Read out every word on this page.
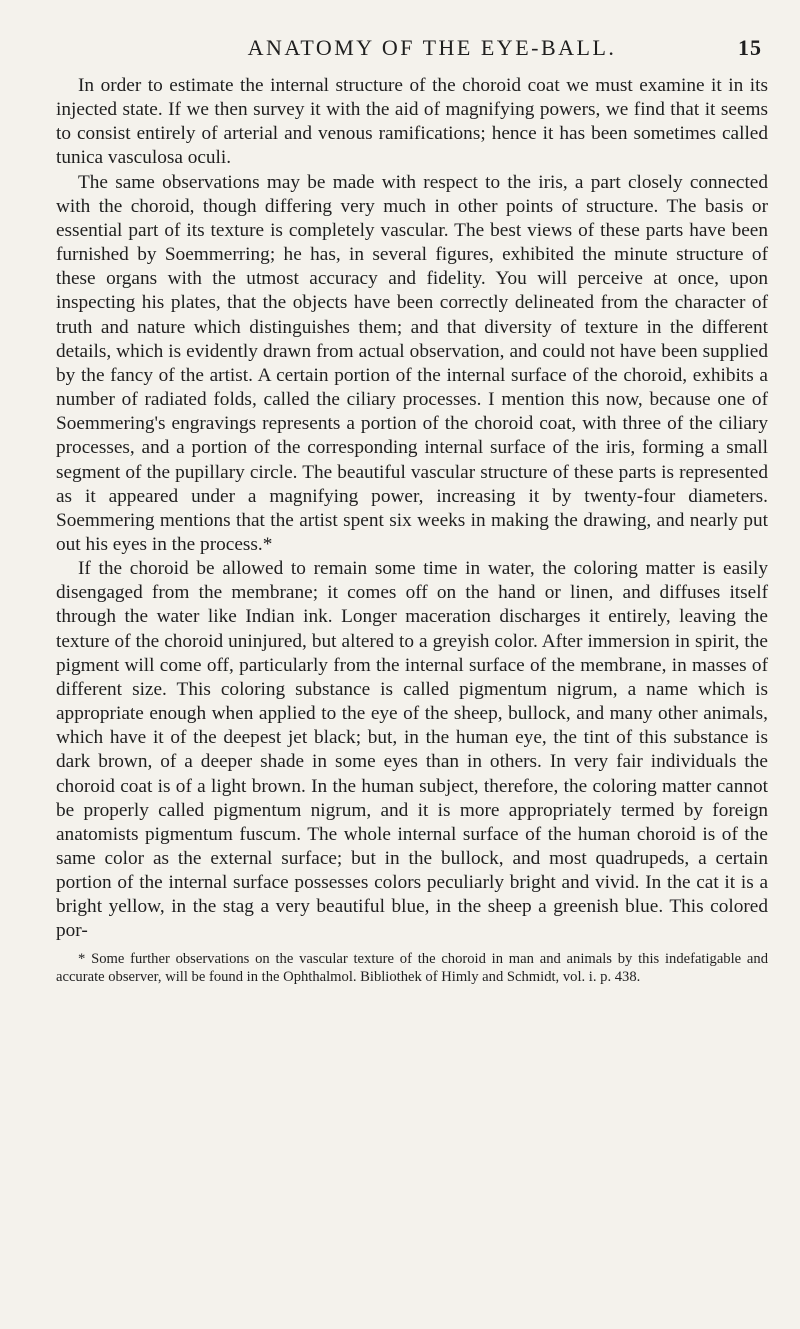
ANATOMY OF THE EYE-BALL.	15

In order to estimate the internal structure of the choroid coat we must examine it in its injected state. If we then survey it with the aid of magnifying powers, we find that it seems to consist entirely of arterial and venous ramifications; hence it has been sometimes called tunica vasculosa oculi.

The same observations may be made with respect to the iris, a part closely connected with the choroid, though differing very much in other points of structure. The basis or essential part of its texture is completely vascular. The best views of these parts have been furnished by Soemmerring; he has, in several figures, exhibited the minute structure of these organs with the utmost accuracy and fidelity. You will perceive at once, upon inspecting his plates, that the objects have been correctly delineated from the character of truth and nature which distinguishes them; and that diversity of texture in the different details, which is evidently drawn from actual observation, and could not have been supplied by the fancy of the artist. A certain portion of the internal surface of the choroid, exhibits a number of radiated folds, called the ciliary processes. I mention this now, because one of Soemmering's engravings represents a portion of the choroid coat, with three of the ciliary processes, and a portion of the corresponding internal surface of the iris, forming a small segment of the pupillary circle. The beautiful vascular structure of these parts is represented as it appeared under a magnifying power, increasing it by twenty-four diameters. Soemmering mentions that the artist spent six weeks in making the drawing, and nearly put out his eyes in the process.*

If the choroid be allowed to remain some time in water, the coloring matter is easily disengaged from the membrane; it comes off on the hand or linen, and diffuses itself through the water like Indian ink. Longer maceration discharges it entirely, leaving the texture of the choroid uninjured, but altered to a greyish color. After immersion in spirit, the pigment will come off, particularly from the internal surface of the membrane, in masses of different size. This coloring substance is called pigmentum nigrum, a name which is appropriate enough when applied to the eye of the sheep, bullock, and many other animals, which have it of the deepest jet black; but, in the human eye, the tint of this substance is dark brown, of a deeper shade in some eyes than in others. In very fair individuals the choroid coat is of a light brown. In the human subject, therefore, the coloring matter cannot be properly called pigmentum nigrum, and it is more appropriately termed by foreign anatomists pigmentum fuscum. The whole internal surface of the human choroid is of the same color as the external surface; but in the bullock, and most quadrupeds, a certain portion of the internal surface possesses colors peculiarly bright and vivid. In the cat it is a bright yellow, in the stag a very beautiful blue, in the sheep a greenish blue. This colored por-

* Some further observations on the vascular texture of the choroid in man and animals by this indefatigable and accurate observer, will be found in the Ophthalmol. Bibliothek of Himly and Schmidt, vol. i. p. 438.
